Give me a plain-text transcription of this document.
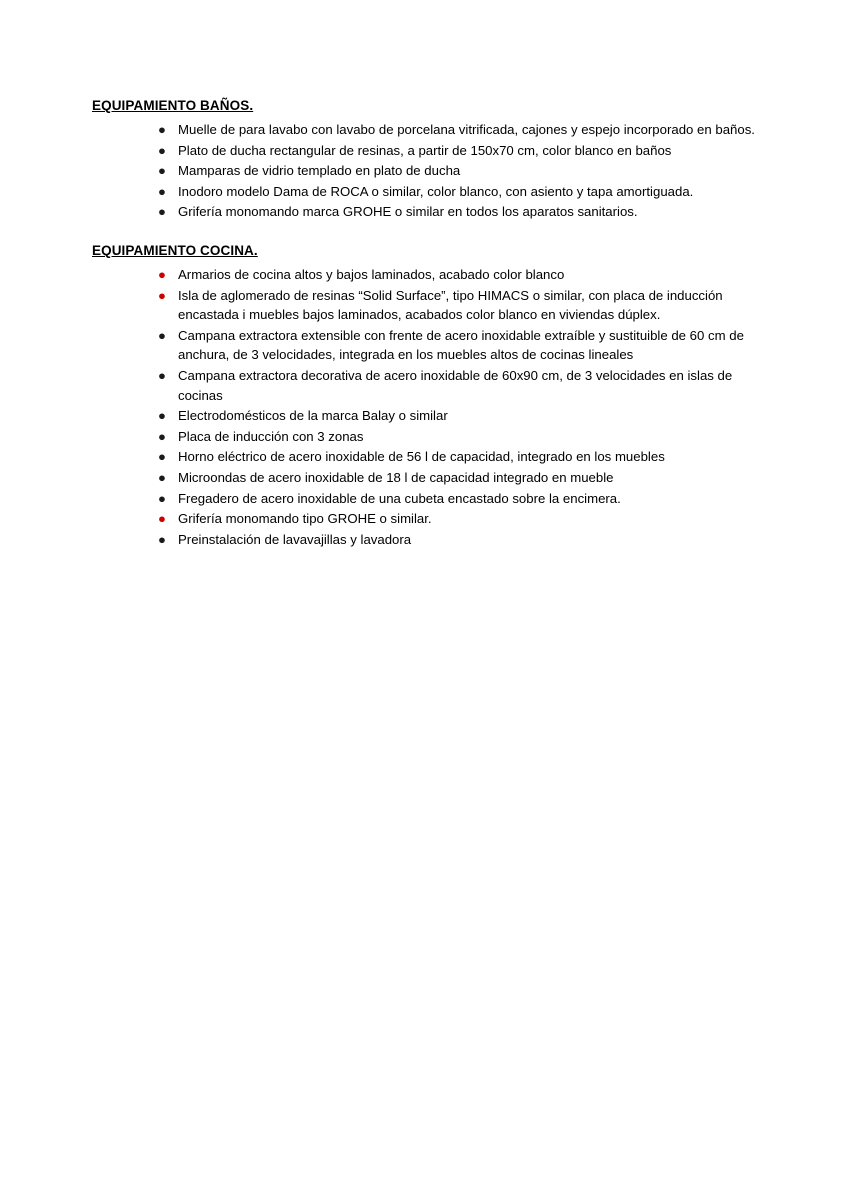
EQUIPAMIENTO BAÑOS.
● Muelle de para lavabo con lavabo de porcelana vitrificada, cajones y espejo incorporado en baños.
● Plato de ducha rectangular de resinas, a partir de 150x70 cm, color blanco en baños
● Mamparas de vidrio templado en plato de ducha
● Inodoro modelo Dama de ROCA o similar, color blanco, con asiento y tapa amortiguada.
● Grifería monomando marca GROHE o similar en todos los aparatos sanitarios.
EQUIPAMIENTO COCINA.
● Armarios de cocina altos y bajos laminados, acabado color blanco
● Isla de aglomerado de resinas “Solid Surface”, tipo HIMACS o similar, con placa de inducción encastada i muebles bajos laminados, acabados color blanco en viviendas dúplex.
● Campana extractora extensible con frente de acero inoxidable extraíble y sustituible de 60 cm de anchura, de 3 velocidades, integrada en los muebles altos de cocinas lineales
● Campana extractora decorativa de acero inoxidable de 60x90 cm, de 3 velocidades en islas de cocinas
● Electrodomésticos de la marca Balay o similar
● Placa de inducción con 3 zonas
● Horno eléctrico de acero inoxidable de 56 l de capacidad, integrado en los muebles
● Microondas de acero inoxidable de 18 l de capacidad integrado en mueble
● Fregadero de acero inoxidable de una cubeta encastado sobre la encimera.
● Grifería monomando tipo GROHE o similar.
● Preinstalación de lavavajillas y lavadora
